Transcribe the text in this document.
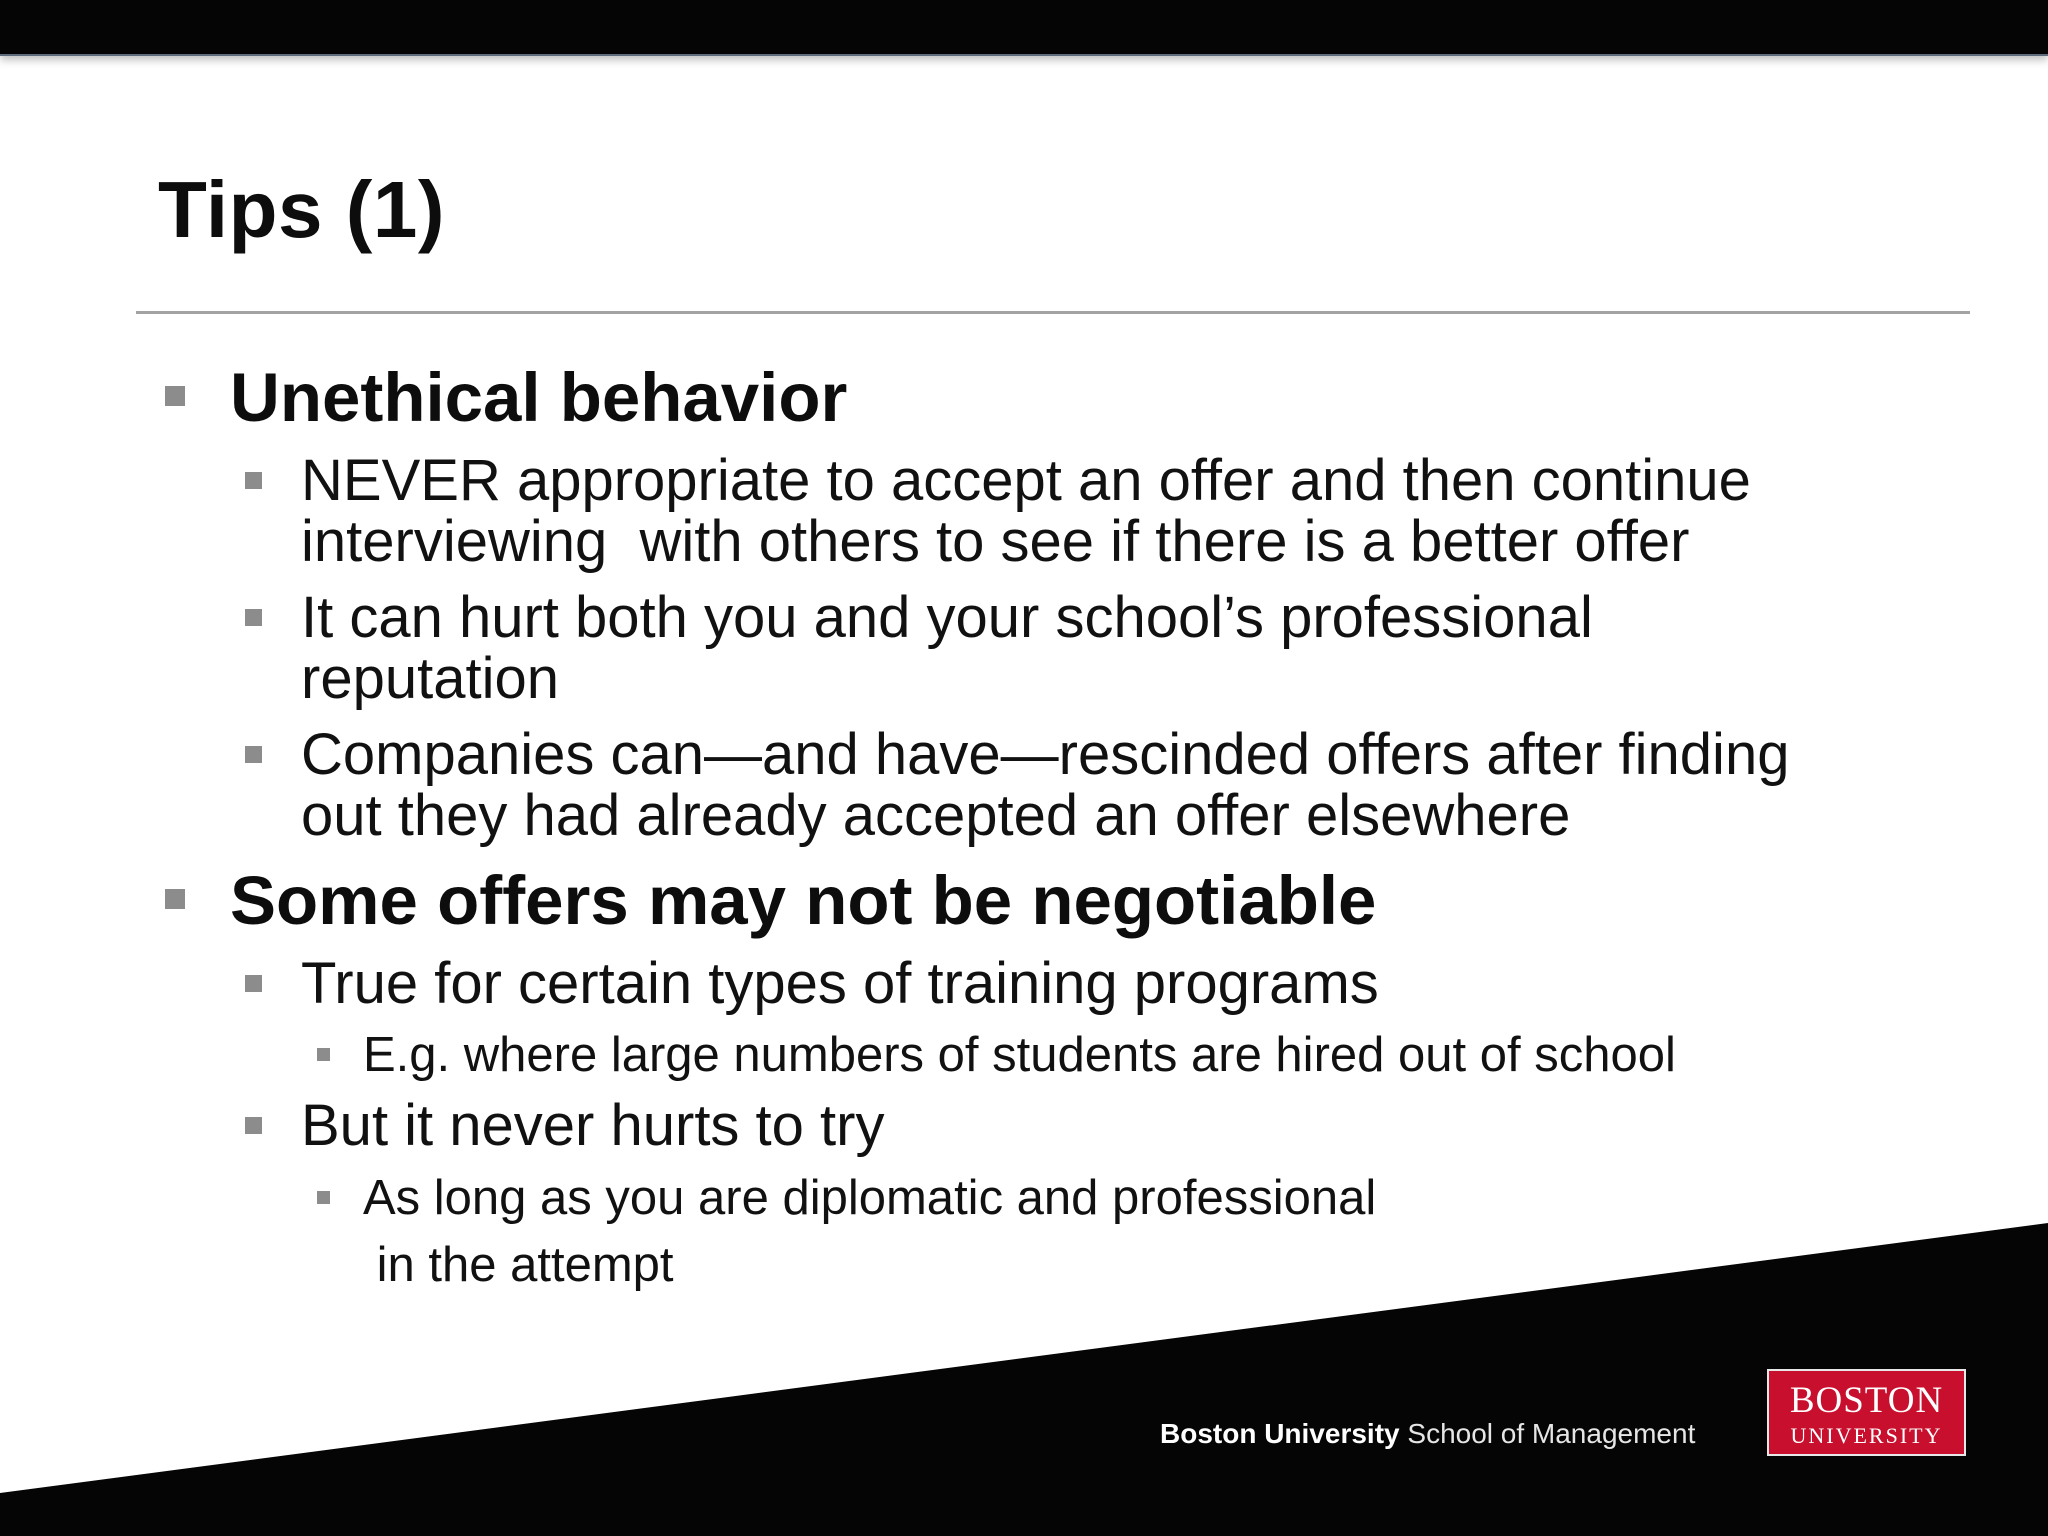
Tips (1)
Unethical behavior
NEVER appropriate to accept an offer and then continue
interviewing  with others to see if there is a better offer
It can hurt both you and your school’s professional
reputation
Companies can—and have—rescinded offers after finding
out they had already accepted an offer elsewhere
Some offers may not be negotiable
True for certain types of training programs
E.g. where large numbers of students are hired out of school
But it never hurts to try
As long as you are diplomatic and professional
in the attempt
Boston University School of Management
BOSTON
UNIVERSITY
